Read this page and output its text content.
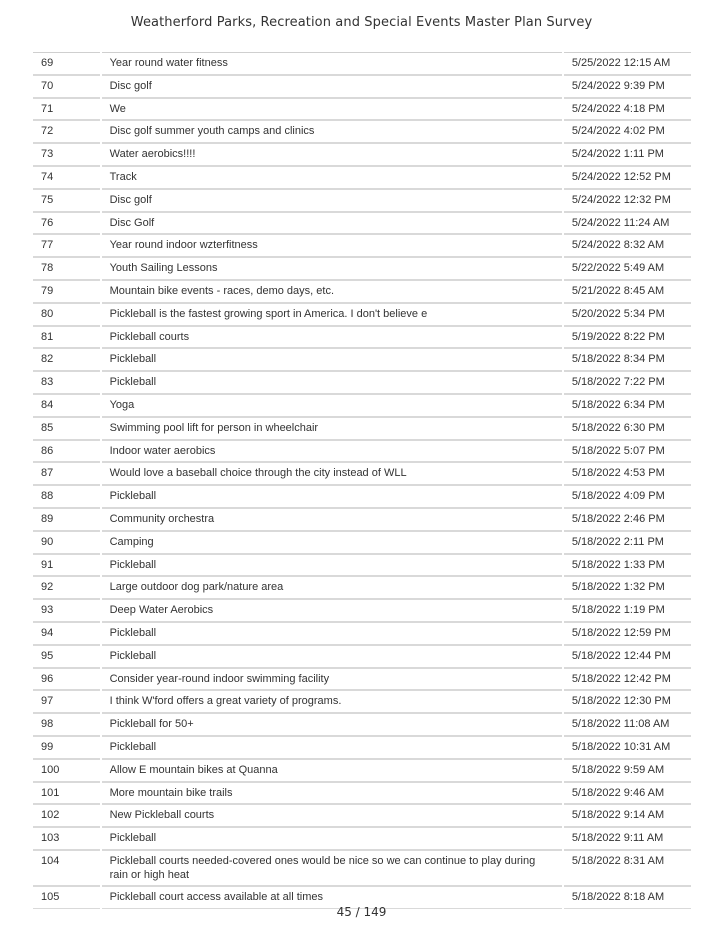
Weatherford Parks, Recreation and Special Events Master Plan Survey
69		Year round water fitness		5/25/2022 12:15 AM
70		Disc golf		5/24/2022 9:39 PM
71		We		5/24/2022 4:18 PM
72		Disc golf summer youth camps and clinics		5/24/2022 4:02 PM
73		Water aerobics!!!!		5/24/2022 1:11 PM
74		Track		5/24/2022 12:52 PM
75		Disc golf		5/24/2022 12:32 PM
76		Disc Golf		5/24/2022 11:24 AM
77		Year round indoor wzterfitness		5/24/2022 8:32 AM
78		Youth Sailing Lessons		5/22/2022 5:49 AM
79		Mountain bike events - races, demo days, etc.		5/21/2022 8:45 AM
80		Pickleball is the fastest growing sport in America. I don't believe e		5/20/2022 5:34 PM
81		Pickleball courts		5/19/2022 8:22 PM
82		Pickleball		5/18/2022 8:34 PM
83		Pickleball		5/18/2022 7:22 PM
84		Yoga		5/18/2022 6:34 PM
85		Swimming pool lift for person in wheelchair		5/18/2022 6:30 PM
86		Indoor water aerobics		5/18/2022 5:07 PM
87		Would love a baseball choice through the city instead of WLL		5/18/2022 4:53 PM
88		Pickleball		5/18/2022 4:09 PM
89		Community orchestra		5/18/2022 2:46 PM
90		Camping		5/18/2022 2:11 PM
91		Pickleball		5/18/2022 1:33 PM
92		Large outdoor dog park/nature area		5/18/2022 1:32 PM
93		Deep Water Aerobics		5/18/2022 1:19 PM
94		Pickleball		5/18/2022 12:59 PM
95		Pickleball		5/18/2022 12:44 PM
96		Consider year-round indoor swimming facility		5/18/2022 12:42 PM
97		I think W'ford offers a great variety of programs.		5/18/2022 12:30 PM
98		Pickleball for 50+		5/18/2022 11:08 AM
99		Pickleball		5/18/2022 10:31 AM
100		Allow E mountain bikes at Quanna		5/18/2022 9:59 AM
101		More mountain bike trails		5/18/2022 9:46 AM
102		New Pickleball courts		5/18/2022 9:14 AM
103		Pickleball		5/18/2022 9:11 AM
104		Pickleball courts needed-covered ones would be nice so we can continue to play during rain or high heat		5/18/2022 8:31 AM
105		Pickleball court access available at all times		5/18/2022 8:18 AM
45 / 149
